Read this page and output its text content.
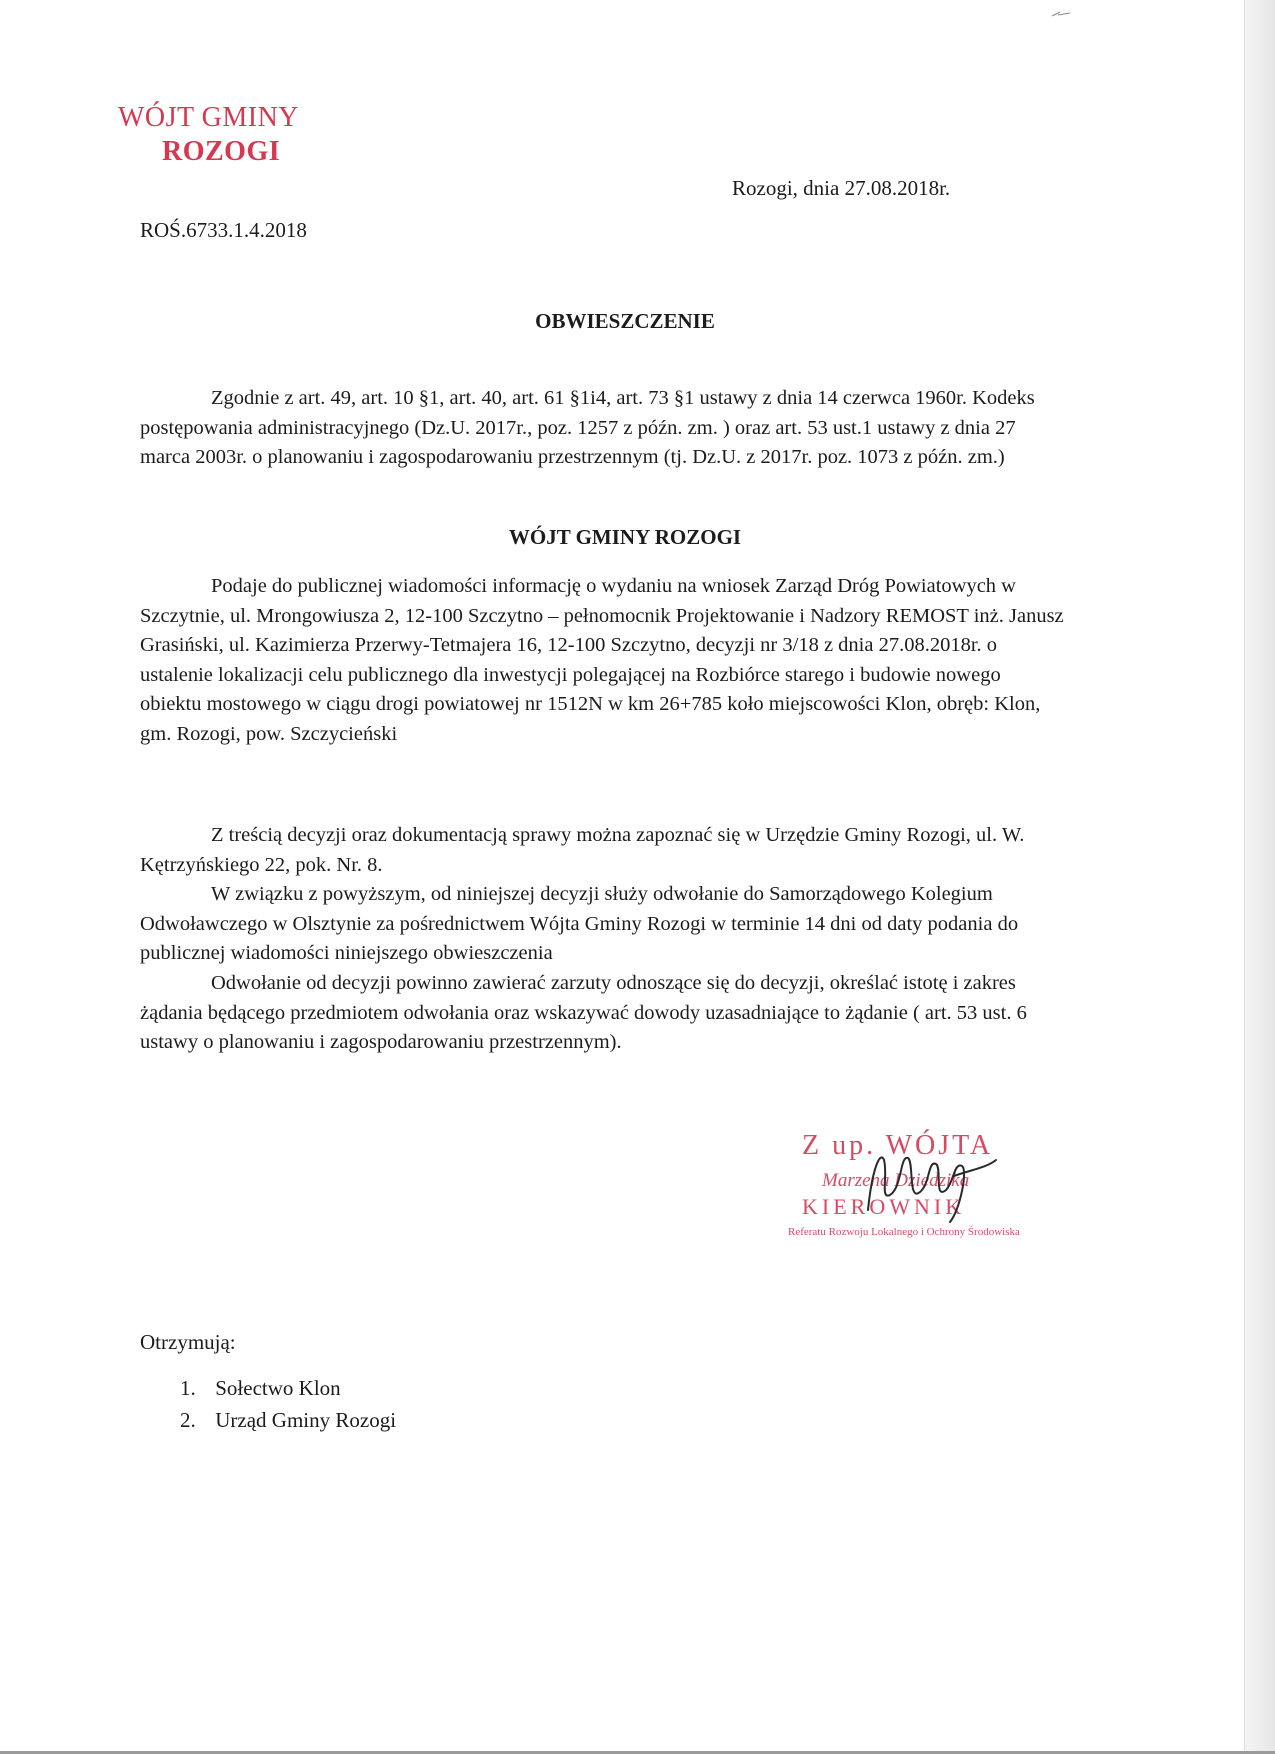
WÓJT GMINY
ROZOGI
Rozogi, dnia 27.08.2018r.
ROŚ.6733.1.4.2018
OBWIESZCZENIE

Zgodnie z art. 49, art. 10 §1, art. 40, art. 61 §1i4, art. 73 §1 ustawy z dnia 14 czerwca 1960r. Kodeks postępowania administracyjnego (Dz.U. 2017r., poz. 1257 z późn. zm. ) oraz art. 53 ust.1 ustawy z dnia 27 marca 2003r. o planowaniu i zagospodarowaniu przestrzennym (tj. Dz.U. z 2017r. poz. 1073 z późn. zm.)

WÓJT GMINY ROZOGI

Podaje do publicznej wiadomości informację o wydaniu na wniosek Zarząd Dróg Powiatowych w Szczytnie, ul. Mrongowiusza 2, 12-100 Szczytno – pełnomocnik Projektowanie i Nadzory REMOST inż. Janusz Grasiński, ul. Kazimierza Przerwy-Tetmajera 16, 12-100 Szczytno, decyzji nr 3/18 z dnia 27.08.2018r. o ustalenie lokalizacji celu publicznego dla inwestycji polegającej na Rozbiórce starego i budowie nowego obiektu mostowego w ciągu drogi powiatowej nr 1512N w km 26+785 koło miejscowości Klon, obręb: Klon, gm. Rozogi, pow. Szczycieński

Z treścią decyzji oraz dokumentacją sprawy można zapoznać się w Urzędzie Gminy Rozogi, ul. W. Kętrzyńskiego 22, pok. Nr. 8.

W związku z powyższym, od niniejszej decyzji służy odwołanie do Samorządowego Kolegium Odwoławczego w Olsztynie za pośrednictwem Wójta Gminy Rozogi w terminie 14 dni od daty podania do publicznej wiadomości niniejszego obwieszczenia

Odwołanie od decyzji powinno zawierać zarzuty odnoszące się do decyzji, określać istotę i zakres żądania będącego przedmiotem odwołania oraz wskazywać dowody uzasadniające to żądanie ( art. 53 ust. 6 ustawy o planowaniu i zagospodarowaniu przestrzennym).

Z up. WÓJTA
Marzena Dziedzika
KIEROWNIK
Referatu Rozwoju Lokalnego i Ochrony Środowiska
Otrzymują:
1. Sołectwo Klon
2. Urząd Gminy Rozogi
